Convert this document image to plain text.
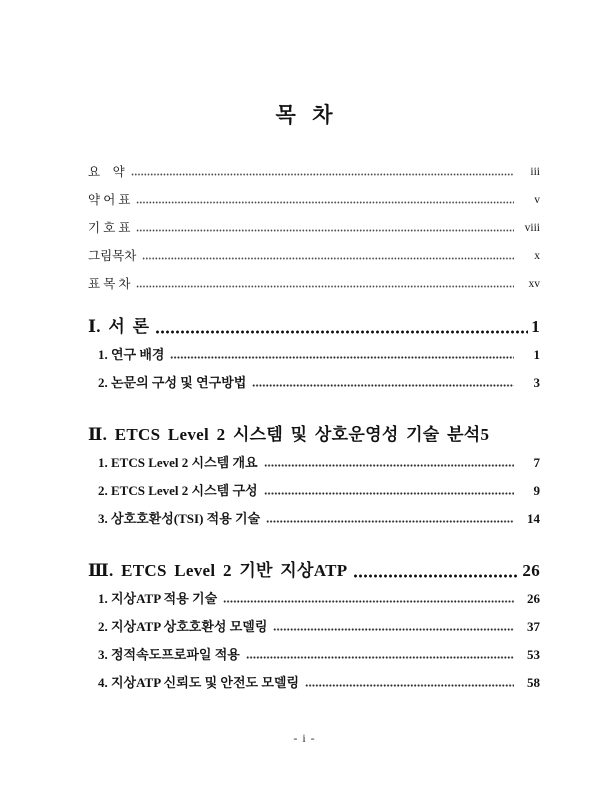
목  차
요    약	iii
약 어 표	v
기 호 표	viii
그림목차	x
표 목 차	xv
Ⅰ. 서 론	1
1. 연구 배경	1
2. 논문의 구성 및 연구방법	3
Ⅱ. ETCS Level 2 시스템 및 상호운영성 기술 분석 5
1. ETCS Level 2 시스템 개요	7
2. ETCS Level 2 시스템 구성	9
3. 상호호환성(TSI) 적용 기술	14
Ⅲ. ETCS Level 2 기반 지상ATP	26
1. 지상ATP 적용 기술	26
2. 지상ATP 상호호환성 모델링	37
3. 정적속도프로파일 적용	53
4. 지상ATP 신뢰도 및 안전도 모델링	58
- i -
